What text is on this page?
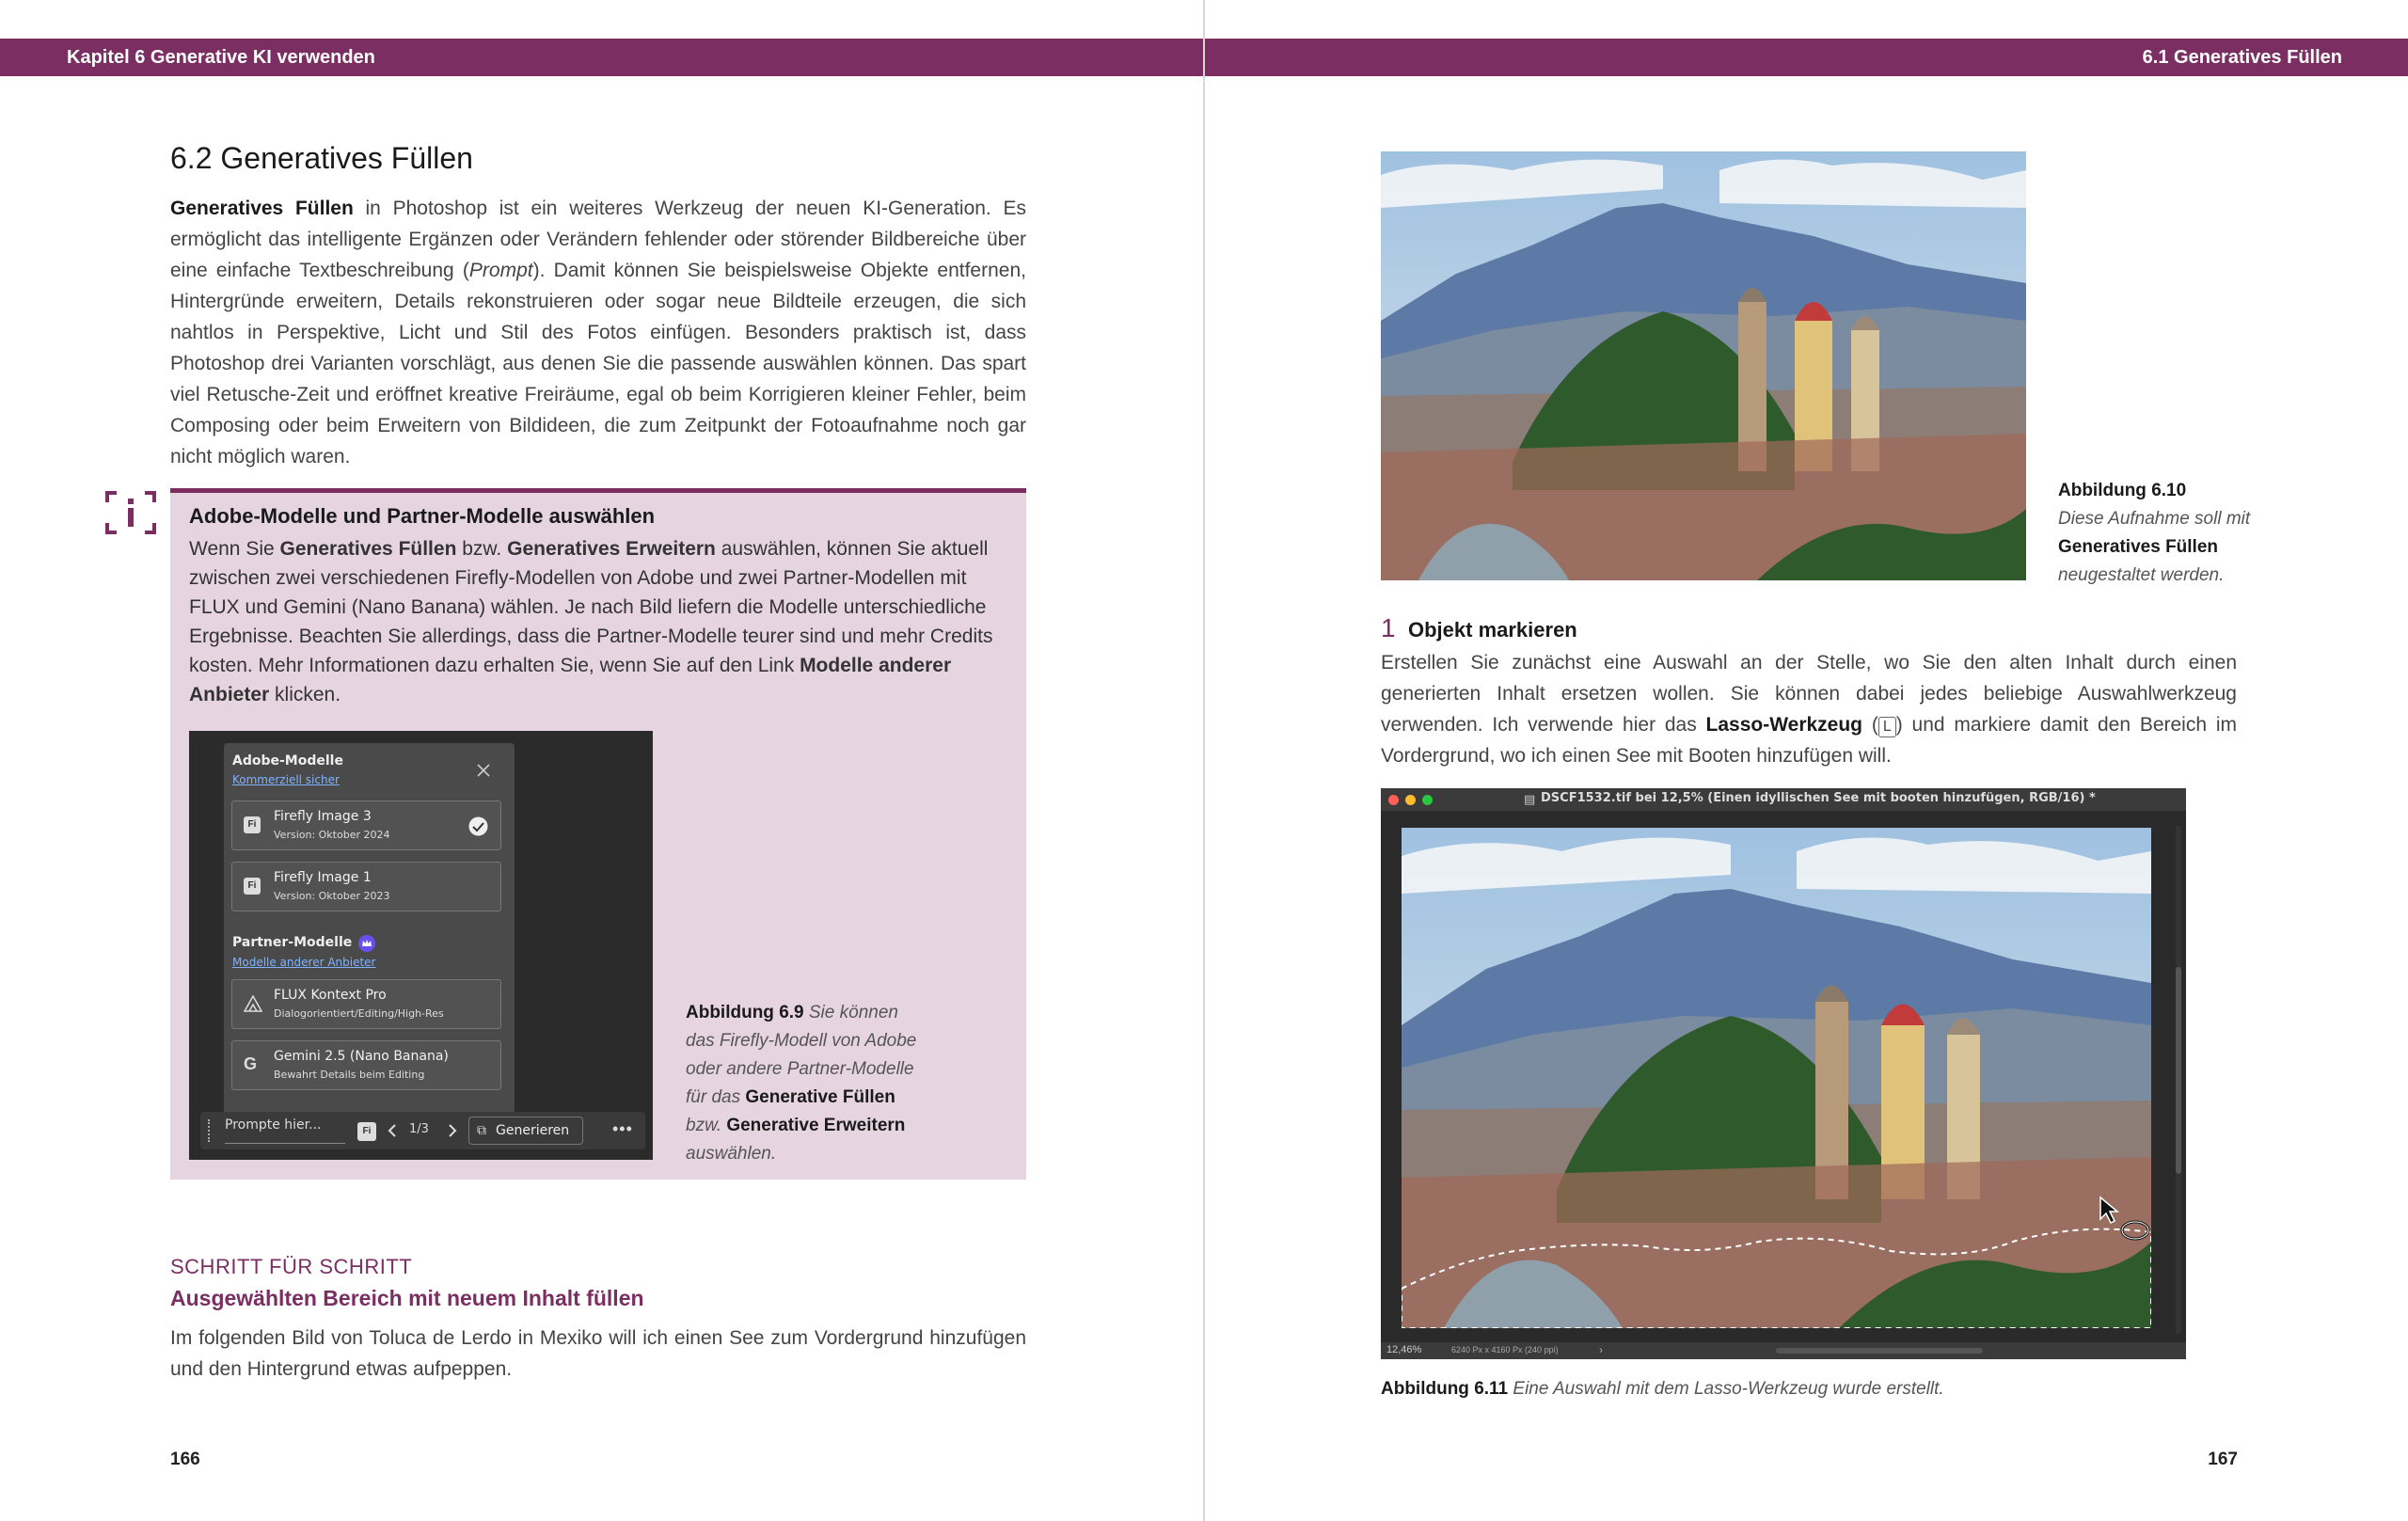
Kapitel 6 Generative KI verwenden	6.1 Generatives Füllen
6.2 Generatives Füllen
Generatives Füllen in Photoshop ist ein weiteres Werkzeug der neuen KI-Generation. Es ermöglicht das intelligente Ergänzen oder Verändern fehlender oder störender Bildbereiche über eine einfache Textbeschreibung (Prompt). Damit können Sie beispielsweise Objekte entfernen, Hintergründe erweitern, Details rekonstruieren oder sogar neue Bildteile erzeugen, die sich nahtlos in Perspektive, Licht und Stil des Fotos einfügen. Besonders praktisch ist, dass Photoshop drei Varianten vorschlägt, aus denen Sie die passende auswählen können. Das spart viel Retusche-Zeit und eröffnet kreative Freiräume, egal ob beim Korrigieren kleiner Fehler, beim Composing oder beim Erweitern von Bildideen, die zum Zeitpunkt der Fotoaufnahme noch gar nicht möglich waren.
Adobe-Modelle und Partner-Modelle auswählen
Wenn Sie Generatives Füllen bzw. Generatives Erweitern auswählen, können Sie aktuell zwischen zwei verschiedenen Firefly-Modellen von Adobe und zwei Partner-Modellen mit FLUX und Gemini (Nano Banana) wählen. Je nach Bild liefern die Modelle unterschiedliche Ergebnisse. Beachten Sie allerdings, dass die Partner-Modelle teurer sind und mehr Credits kosten. Mehr Informationen dazu erhalten Sie, wenn Sie auf den Link Modelle anderer Anbieter klicken.
Adobe-Modelle
Kommerziell sicher
Fi
Firefly Image 3
Version: Oktober 2024
Fi
Firefly Image 1
Version: Oktober 2023
Partner-Modelle
Modelle anderer Anbieter
FLUX Kontext Pro
Dialogorientiert/Editing/High-Res
G Gemini 2.5 (Nano Banana)
Bewahrt Details beim Editing
Prompte hier...	Fi	1/3	⧉ Generieren	•••
Abbildung 6.9 Sie können das Firefly-Modell von Adobe oder andere Partner-Modelle für das Generative Füllen bzw. Generative Erweitern auswählen.
SCHRITT FÜR SCHRITT
Ausgewählten Bereich mit neuem Inhalt füllen
Im folgenden Bild von Toluca de Lerdo in Mexiko will ich einen See zum Vordergrund hinzufügen und den Hintergrund etwas aufpeppen.
166
Abbildung 6.10
Diese Aufnahme soll mit Generatives Füllen neugestaltet werden.
1 Objekt markieren
Erstellen Sie zunächst eine Auswahl an der Stelle, wo Sie den alten Inhalt durch einen generierten Inhalt ersetzen wollen. Sie können dabei jedes beliebige Auswahlwerkzeug verwenden. Ich verwende hier das Lasso-Werkzeug ( L ) und markiere damit den Bereich im Vordergrund, wo ich einen See mit Booten hinzufügen will.
▤ DSCF1532.tif bei 12,5% (Einen idyllischen See mit booten hinzufügen, RGB/16) *
12,46%	6240 Px x 4160 Px (240 ppi)	›
Abbildung 6.11 Eine Auswahl mit dem Lasso-Werkzeug wurde erstellt.
167
